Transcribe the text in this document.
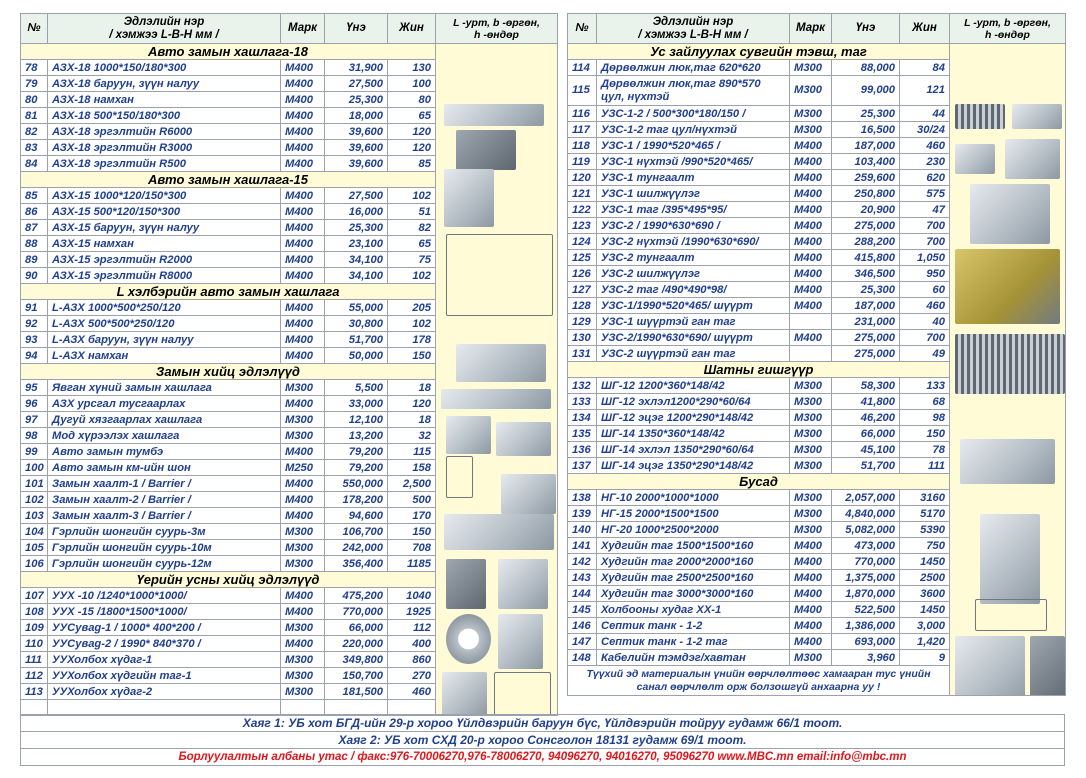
№	Эдлэлийн нэр
/ хэмжээ L-B-H мм /	Марк	Үнэ	Жин	L -урт, b -өргөн,
h -өндөр
Авто замын хашлага-18					

78	АЗХ-18 1000*150/180*300	М400	31,900	130	
79	АЗХ-18 баруун, зүүн налуу	М400	27,500	100	
80	АЗХ-18 намхан	М400	25,300	80	
81	АЗХ-18 500*150/180*300	М400	18,000	65	
82	АЗХ-18 эргэлтийн R6000	М400	39,600	120	
83	АЗХ-18 эргэлтийн R3000	М400	39,600	120	
84	АЗХ-18 эргэлтийн R500	М400	39,600	85	
Авто замын хашлага-15					
85	АЗХ-15 1000*120/150*300	М400	27,500	102	
86	АЗХ-15 500*120/150*300	М400	16,000	51	
87	АЗХ-15 баруун, зүүн налуу	М400	25,300	82	
88	АЗХ-15 намхан	М400	23,100	65	
89	АЗХ-15 эргэлтийн R2000	М400	34,100	75	
90	АЗХ-15 эргэлтийн R8000	М400	34,100	102	
L хэлбэрийн авто замын хашлага					
91	L-АЗХ 1000*500*250/120	М400	55,000	205	
92	L-АЗХ 500*500*250/120	М400	30,800	102	
93	L-АЗХ баруун, зүүн налуу	М400	51,700	178	
94	L-АЗХ намхан	М400	50,000	150	
Замын хийц эдлэлүүд					
95	Явган хүний замын хашлага	М300	5,500	18	
96	АЗХ урсгал тусгаарлах	М400	33,000	120	
97	Дугуй хязгаарлах хашлага	М300	12,100	18	
98	Мод хүрээлэх хашлага	М300	13,200	32	
99	Авто замын тумбэ	М400	79,200	115	
100	Авто замын км-ийн шон	М250	79,200	158	
101	Замын хаалт-1 / Barrier /	М400	550,000	2,500	
102	Замын хаалт-2 / Barrier /	М400	178,200	500	
103	Замын хаалт-3 / Barrier /	М400	94,600	170	
104	Гэрлийн шонгийн суурь-3м	М300	106,700	150	
105	Гэрлийн шонгийн суурь-10м	М300	242,000	708	
106	Гэрлийн шонгийн суурь-12м	М300	356,400	1185	
Үерийн усны хийц эдлэлүүд					
107	УУХ -10 /1240*1000*1000/	М400	475,200	1040	
108	УУХ -15 /1800*1500*1000/	М400	770,000	1925	
109	УУСувag-1 / 1000* 400*200 /	М300	66,000	112	
110	УУСувag-2 / 1990* 840*370 /	М400	220,000	400	
111	УУХолбох хүдаг-1	М300	349,800	860	
112	УУХолбох хүдгийн таг-1	М300	150,700	270	
113	УУХолбох хүдаг-2	М300	181,500	460	

№	Эдлэлийн нэр
/ хэмжээ L-B-H мм /	Марк	Үнэ	Жин	L -урт, b -өргөн,
h -өндөр
Ус зайлуулах сувгийн тэвш, таг					

114	Дөрвөлжин люк,таг 620*620	М300	88,000	84	
115	Дөрвөлжин люк,таг 890*570 цул, нүхтэй	М300	99,000	121	
116	УЗС-1-2 / 500*300*180/150 /	М300	25,300	44	
117	УЗС-1-2 таг цул/нүхтэй	М300	16,500	30/24	
118	УЗС-1 / 1990*520*465 /	М400	187,000	460	
119	УЗС-1 нүхтэй /990*520*465/	М400	103,400	230	
120	УЗС-1 тунгаалт	М400	259,600	620	
121	УЗС-1 шилжүүлэг	М400	250,800	575	
122	УЗС-1 таг /395*495*95/	М400	20,900	47	
123	УЗС-2 / 1990*630*690 /	М400	275,000	700	
124	УЗС-2 нүхтэй /1990*630*690/	М400	288,200	700	
125	УЗС-2 тунгаалт	М400	415,800	1,050	
126	УЗС-2 шилжүүлэг	М400	346,500	950	
127	УЗС-2 таг /490*490*98/	М400	25,300	60	
128	УЗС-1/1990*520*465/ шүүрт	М400	187,000	460	
129	УЗС-1 шүүртэй ган таг		231,000	40	
130	УЗС-2/1990*630*690/ шүүрт	М400	275,000	700	
131	УЗС-2 шүүртэй ган таг		275,000	49	
Шатны гишгүүр					
132	ШГ-12 1200*360*148/42	М300	58,300	133	
133	ШГ-12 эхлэл1200*290*60/64	М300	41,800	68	
134	ШГ-12 эцэг 1200*290*148/42	М300	46,200	98	
135	ШГ-14 1350*360*148/42	М300	66,000	150	
136	ШГ-14 эхлэл 1350*290*60/64	М300	45,100	78	
137	ШГ-14 эцэг 1350*290*148/42	М300	51,700	111	
Бусад					
138	НГ-10 2000*1000*1000	М300	2,057,000	3160	
139	НГ-15 2000*1500*1500	М300	4,840,000	5170	
140	НГ-20 1000*2500*2000	М300	5,082,000	5390	
141	Худгийн таг 1500*1500*160	М400	473,000	750	
142	Худгийн таг 2000*2000*160	М400	770,000	1450	
143	Худгийн таг 2500*2500*160	М400	1,375,000	2500	
144	Худгийн таг 3000*3000*160	М400	1,870,000	3600	
145	Холбооны худаг ХХ-1	М400	522,500	1450	
146	Септик танк - 1-2	М400	1,386,000	3,000	
147	Септик танк - 1-2 таг	М400	693,000	1,420	
148	Кабелийн тэмдэг/хавтан	М300	3,960	9	
Түүхий эд материалын үнийн өөрчлөлтөөс хамааран тус үнийн санал өөрчлөлт орж болзошгүй анхаарна уу !					
Хаяг 1: УБ хот БГД-ийн 29-р хороо Үйлдвэрийн баруун бүс, Үйлдвэрийн тойруу гудамж 66/1 тоот.
Хаяг 2: УБ хот СХД 20-р хороо Сонсголон 18131 гудамж 69/1 тоот.
Борлуулалтын албаны утас / факс:976-70006270,976-78006270, 94096270, 94016270, 95096270 www.MBC.mn email:info@mbc.mn
